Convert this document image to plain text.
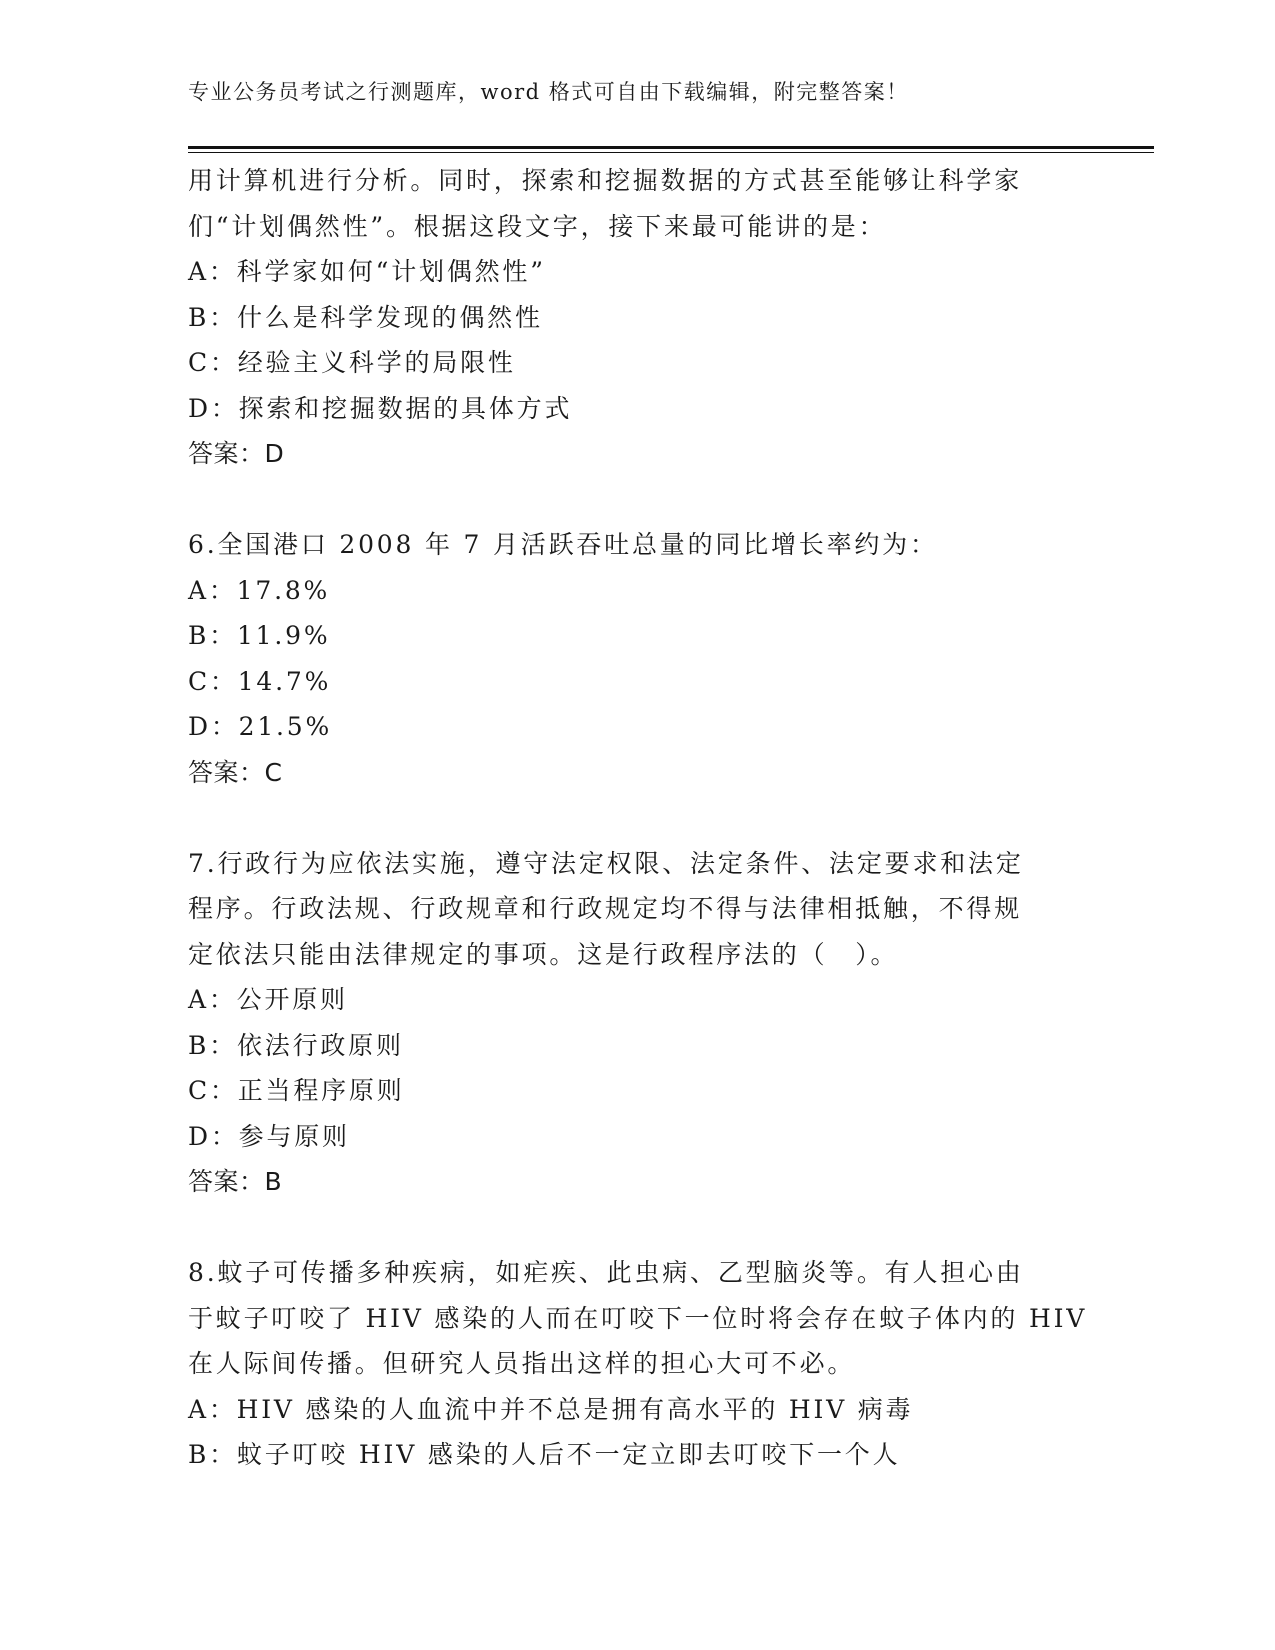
专业公务员考试之行测题库，word 格式可自由下载编辑，附完整答案！
用计算机进行分析。同时，探索和挖掘数据的方式甚至能够让科学家
们“计划偶然性”。根据这段文字，接下来最可能讲的是：
A：科学家如何“计划偶然性”
B：什么是科学发现的偶然性
C：经验主义科学的局限性
D：探索和挖掘数据的具体方式
答案：D
6.全国港口 2008 年 7 月活跃吞吐总量的同比增长率约为：
A：17.8%
B：11.9%
C：14.7%
D：21.5%
答案：C
7.行政行为应依法实施，遵守法定权限、法定条件、法定要求和法定
程序。行政法规、行政规章和行政规定均不得与法律相抵触，不得规
定依法只能由法律规定的事项。这是行政程序法的（　）。
A：公开原则
B：依法行政原则
C：正当程序原则
D：参与原则
答案：B
8.蚊子可传播多种疾病，如疟疾、此虫病、乙型脑炎等。有人担心由
于蚊子叮咬了 HIV 感染的人而在叮咬下一位时将会存在蚊子体内的 HIV
在人际间传播。但研究人员指出这样的担心大可不必。
A：HIV 感染的人血流中并不总是拥有高水平的 HIV 病毒
B：蚊子叮咬 HIV 感染的人后不一定立即去叮咬下一个人
